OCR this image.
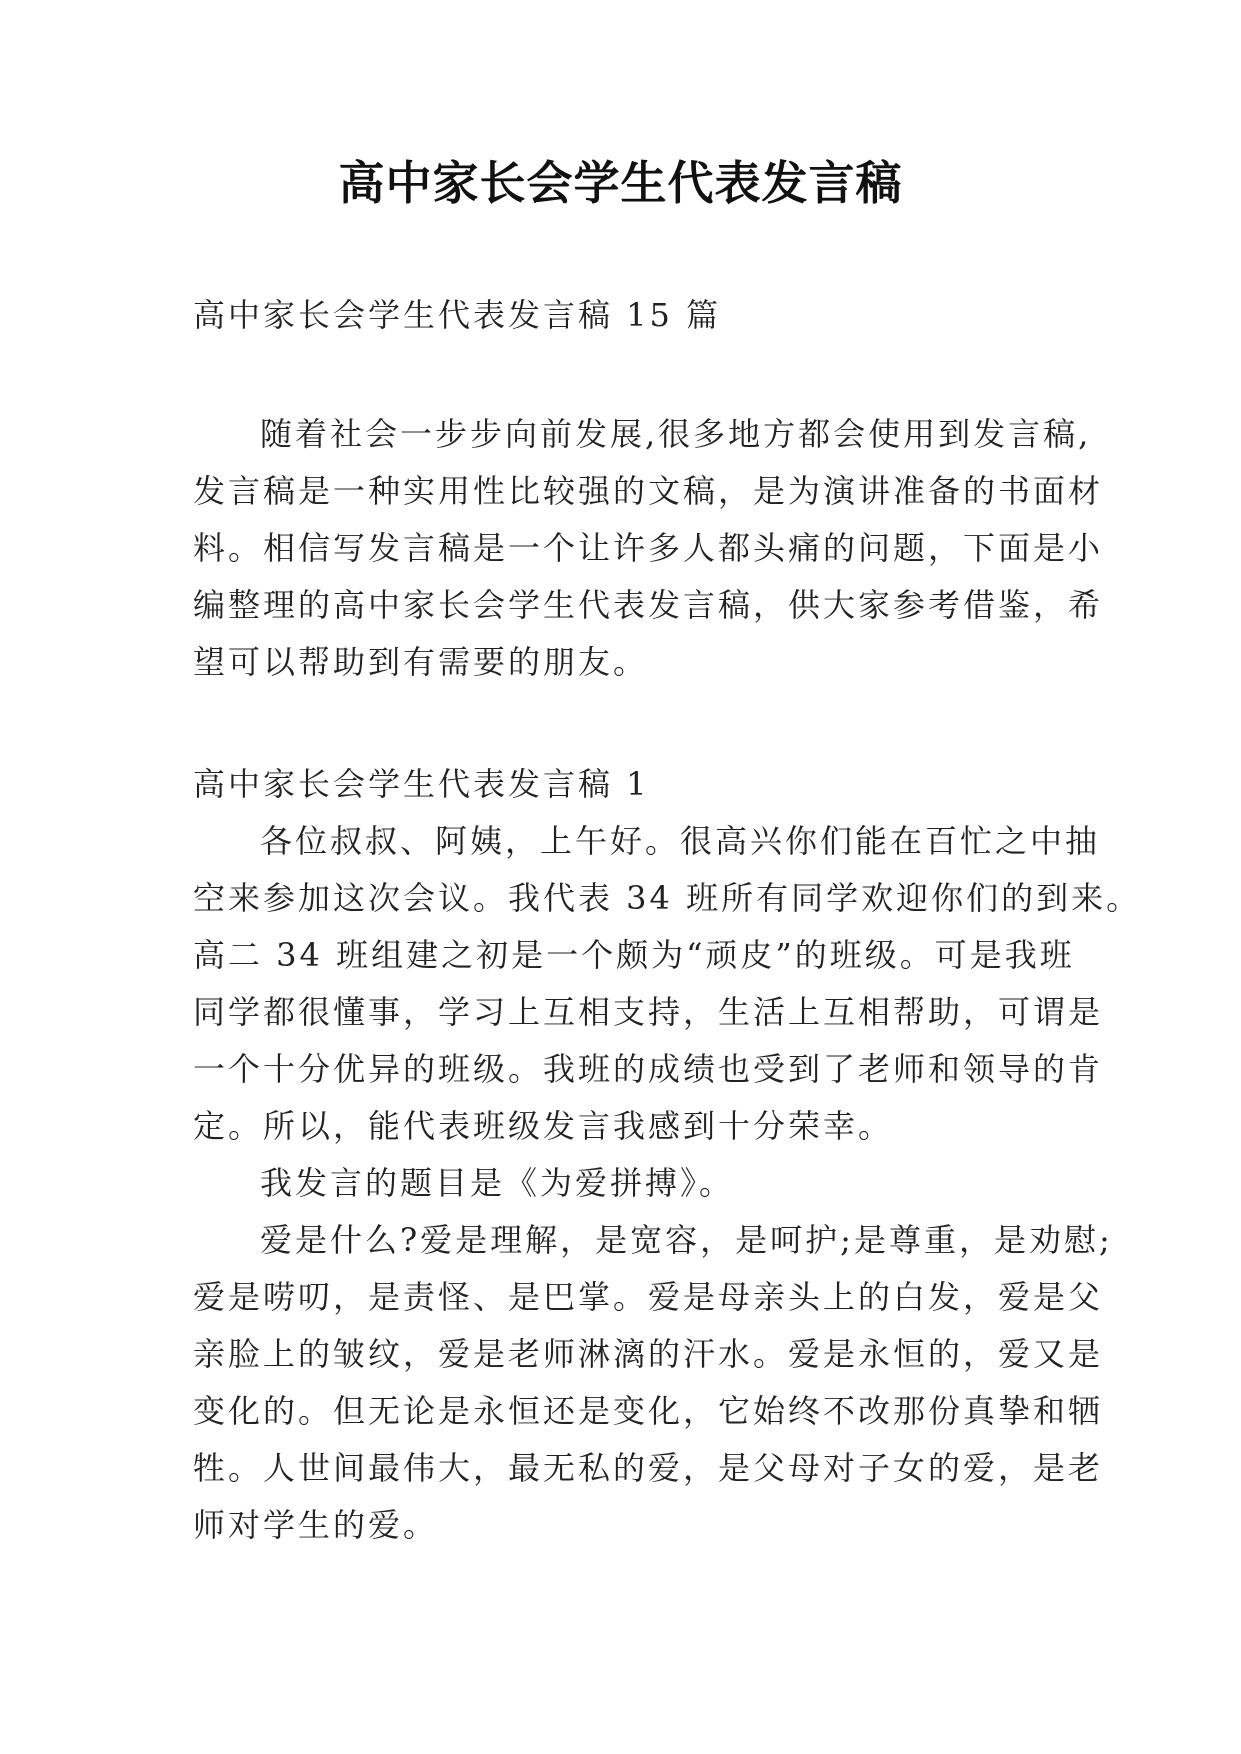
高中家长会学生代表发言稿
高中家长会学生代表发言稿 15 篇
随着社会一步步向前发展,很多地方都会使用到发言稿,
发言稿是一种实用性比较强的文稿，是为演讲准备的书面材
料。相信写发言稿是一个让许多人都头痛的问题，下面是小
编整理的高中家长会学生代表发言稿，供大家参考借鉴，希
望可以帮助到有需要的朋友。
高中家长会学生代表发言稿 1
各位叔叔、阿姨，上午好。很高兴你们能在百忙之中抽
空来参加这次会议。我代表 34 班所有同学欢迎你们的到来。
高二 34 班组建之初是一个颇为“顽皮”的班级。可是我班
同学都很懂事，学习上互相支持，生活上互相帮助，可谓是
一个十分优异的班级。我班的成绩也受到了老师和领导的肯
定。所以，能代表班级发言我感到十分荣幸。
我发言的题目是《为爱拼搏》。
爱是什么?爱是理解，是宽容，是呵护;是尊重，是劝慰;
爱是唠叨，是责怪、是巴掌。爱是母亲头上的白发，爱是父
亲脸上的皱纹，爱是老师淋漓的汗水。爱是永恒的，爱又是
变化的。但无论是永恒还是变化，它始终不改那份真挚和牺
牲。人世间最伟大，最无私的爱，是父母对子女的爱，是老
师对学生的爱。
